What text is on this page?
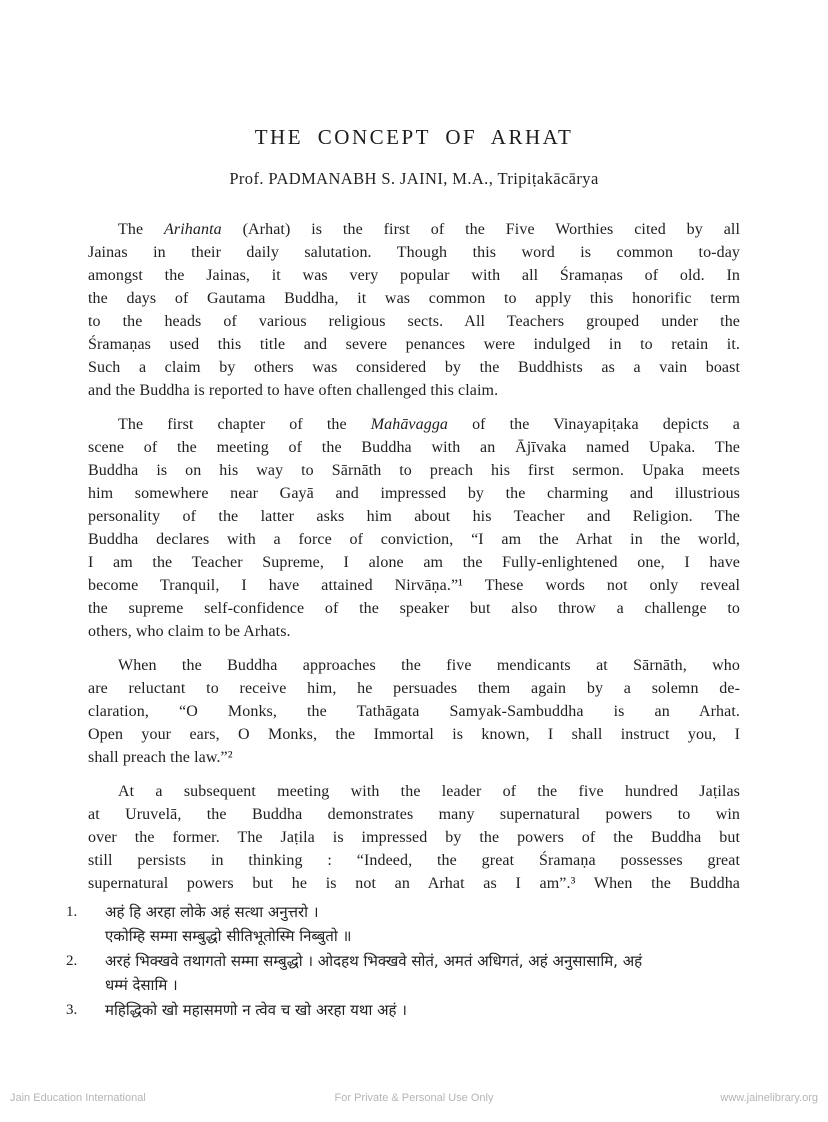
THE CONCEPT OF ARHAT
Prof. PADMANABH S. JAINI, M.A., Tripiṭakācārya
The Arihanta (Arhat) is the first of the Five Worthies cited by all
Jainas in their daily salutation. Though this word is common to-day
amongst the Jainas, it was very popular with all Śramaṇas of old. In
the days of Gautama Buddha, it was common to apply this honorific term
to the heads of various religious sects. All Teachers grouped under the
Śramaṇas used this title and severe penances were indulged in to retain it.
Such a claim by others was considered by the Buddhists as a vain boast
and the Buddha is reported to have often challenged this claim.
The first chapter of the Mahāvagga of the Vinayapiṭaka depicts a
scene of the meeting of the Buddha with an Ājīvaka named Upaka. The
Buddha is on his way to Sārnāth to preach his first sermon. Upaka meets
him somewhere near Gayā and impressed by the charming and illustrious
personality of the latter asks him about his Teacher and Religion. The
Buddha declares with a force of conviction, “I am the Arhat in the world,
I am the Teacher Supreme, I alone am the Fully-enlightened one, I have
become Tranquil, I have attained Nirvāṇa.”¹ These words not only reveal
the supreme self-confidence of the speaker but also throw a challenge to
others, who claim to be Arhats.
When the Buddha approaches the five mendicants at Sārnāth, who
are reluctant to receive him, he persuades them again by a solemn de-
claration, “O Monks, the Tathāgata Samyak-Sambuddha is an Arhat.
Open your ears, O Monks, the Immortal is known, I shall instruct you, I
shall preach the law.”²
At a subsequent meeting with the leader of the five hundred Jaṭilas
at Uruvelā, the Buddha demonstrates many supernatural powers to win
over the former. The Jaṭila is impressed by the powers of the Buddha but
still persists in thinking : “Indeed, the great Śramaṇa possesses great
supernatural powers but he is not an Arhat as I am”.³ When the Buddha
1.	अहं हि अरहा लोके अहं सत्था अनुत्तरो ।
एकोम्हि सम्मा सम्बुद्धो सीतिभूतोस्मि निब्बुतो ॥
2.	अरहं भिक्खवे तथागतो सम्मा सम्बुद्धो । ओदहथ भिक्खवे सोतं, अमतं अधिगतं, अहं अनुसासामि, अहं
धम्मं देसामि ।
3.	महिद्धिको खो महासमणो न त्वेव च खो अरहा यथा अहं ।
Jain Education International	For Private & Personal Use Only	www.jainelibrary.org
